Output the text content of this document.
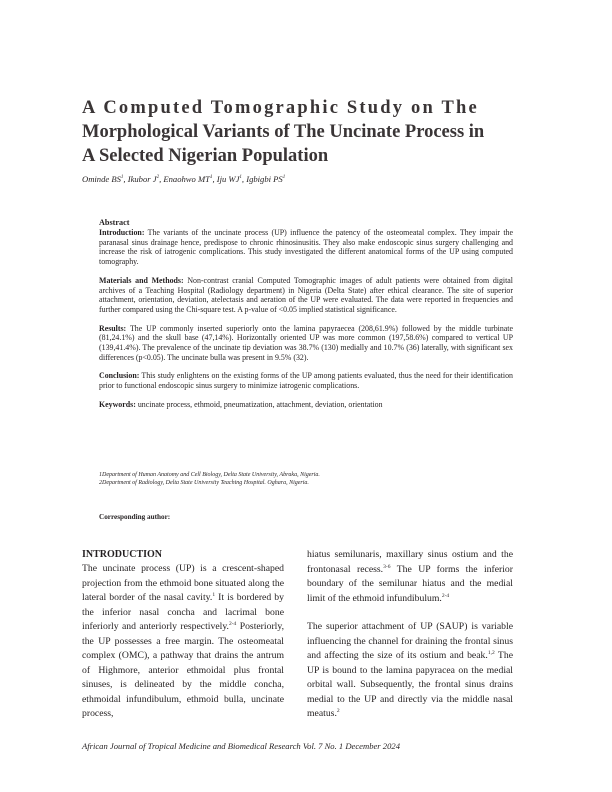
A Computed Tomographic Study on The
Morphological Variants of The Uncinate Process in
A Selected Nigerian Population
Ominde $BS^1$, Ikubor $J^2$, Enaohwo $MT^1$, Iju $WJ^1$, Igbigbi $PS^1$
Abstract

Introduction: The variants of the uncinate process (UP) influence the patency of the osteomeatal complex. They impair the paranasal sinus drainage hence, predispose to chronic rhinosinusitis. They also make endoscopic sinus surgery challenging and increase the risk of iatrogenic complications. This study investigated the different anatomical forms of the UP using computed tomography.

Materials and Methods: Non-contrast cranial Computed Tomographic images of adult patients were obtained from digital archives of a Teaching Hospital (Radiology department) in Nigeria (Delta State) after ethical clearance. The site of superior attachment, orientation, deviation, atelectasis and aeration of the UP were evaluated. The data were reported in frequencies and further compared using the Chi-square test. A p-value of <0.05 implied statistical significance.

Results: The UP commonly inserted superiorly onto the lamina papyraecea (208,61.9%) followed by the middle turbinate (81,24.1%) and the skull base (47,14%). Horizontally oriented UP was more common (197,58.6%) compared to vertical UP (139,41.4%). The prevalence of the uncinate tip deviation was 38.7% (130) medially and 10.7% (36) laterally, with significant sex differences (p<0.05). The uncinate bulla was present in 9.5% (32).

Conclusion: This study enlightens on the existing forms of the UP among patients evaluated, thus the need for their identification prior to functional endoscopic sinus surgery to minimize iatrogenic complications.

Keywords: uncinate process, ethmoid, pneumatization, attachment, deviation, orientation

1Department of Human Anatomy and Cell Biology, Delta State University, Abraka, Nigeria.
2Department of Radiology, Delta State University Teaching Hospital. Oghara, Nigeria.
Corresponding author:
INTRODUCTION

The uncinate process (UP) is a crescent-shaped projection from the ethmoid bone situated along the lateral border of the nasal cavity.$^1$ It is bordered by the inferior nasal concha and lacrimal bone inferiorly and anteriorly respectively.$^{2-4}$ Posteriorly, the UP possesses a free margin. The osteomeatal complex (OMC), a pathway that drains the antrum of Highmore, anterior ethmoidal plus frontal sinuses, is delineated by the middle concha, ethmoidal infundibulum, ethmoid bulla, uncinate process,

hiatus semilunaris, maxillary sinus ostium and the frontonasal recess.$^{3-6}$ The UP forms the inferior boundary of the semilunar hiatus and the medial limit of the ethmoid infundibulum.$^{2-4}$

The superior attachment of UP (SAUP) is variable influencing the channel for draining the frontal sinus and affecting the size of its ostium and beak.$^{1,2}$ The UP is bound to the lamina papyracea on the medial orbital wall. Subsequently, the frontal sinus drains medial to the UP and directly via the middle nasal meatus.$^2$

African Journal of Tropical Medicine and Biomedical Research Vol. 7 No. 1 December 2024
